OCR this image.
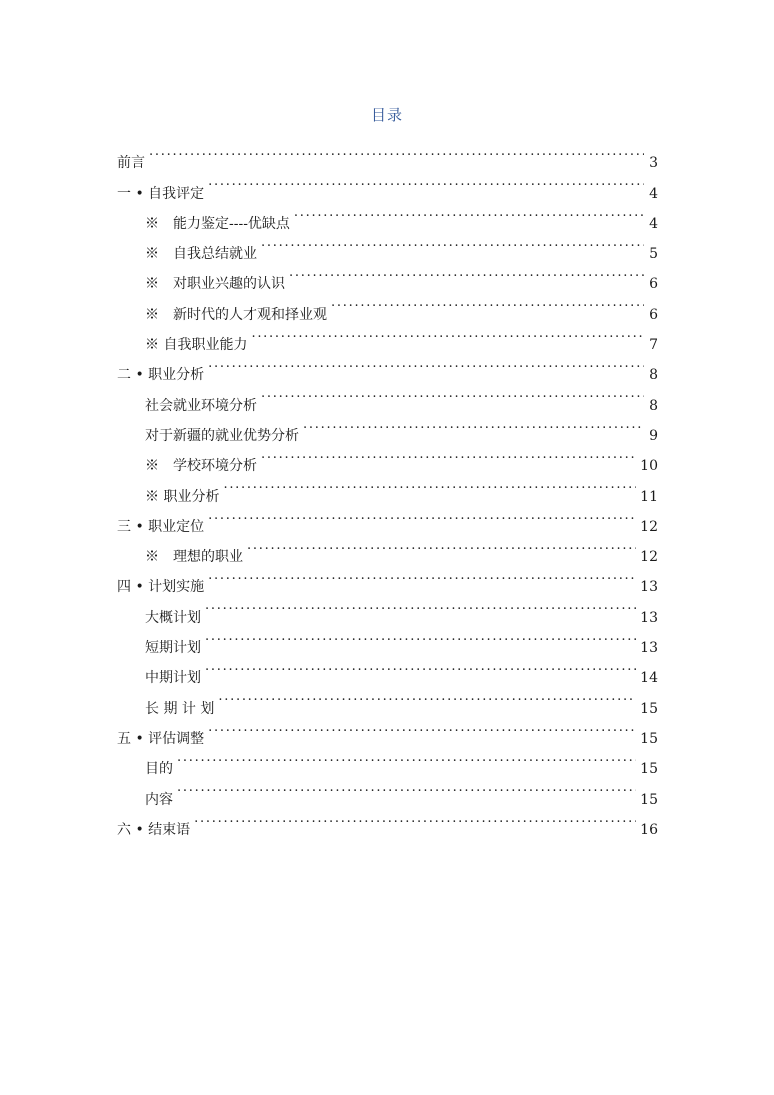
目录
前言 . . .	3
一 • 自我评定 . . .	4
※　能力鉴定----优缺点 . . .	4
※　自我总结就业 . . .	5
※　对职业兴趣的认识 . . .	6
※　新时代的人才观和择业观 . . .	6
※ 自我职业能力 . . .	7
二 • 职业分析 . . .	8
社会就业环境分析 . . .	8
对于新疆的就业优势分析 . . .	9
※　学校环境分析 . . .	10
※ 职业分析 . . .	11
三 • 职业定位 . . .	12
※　理想的职业 . . .	12
四 • 计划实施 . . .	13
大概计划 . . .	13
短期计划 . . .	13
中期计划 . . .	14
长 期 计 划 . . .	15
五 • 评估调整 . . .	15
目的 . . .	15
内容 . . .	15
六 • 结束语 . . .	16
